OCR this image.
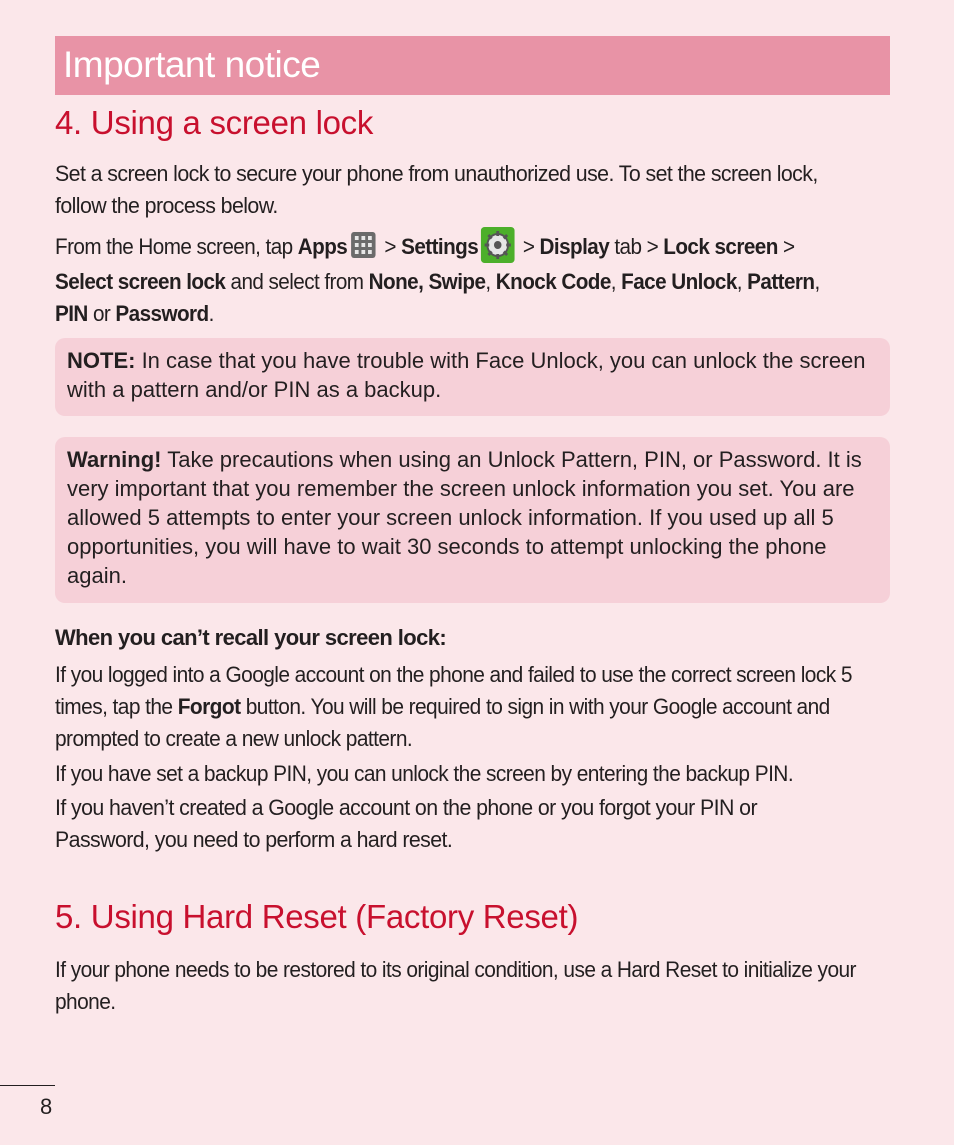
Important notice
4. Using a screen lock
Set a screen lock to secure your phone from unauthorized use. To set the screen lock, follow the process below.
From the Home screen, tap Apps > Settings > Display tab > Lock screen > Select screen lock and select from None, Swipe, Knock Code, Face Unlock, Pattern, PIN or Password.
NOTE: In case that you have trouble with Face Unlock, you can unlock the screen with a pattern and/or PIN as a backup.
Warning! Take precautions when using an Unlock Pattern, PIN, or Password. It is very important that you remember the screen unlock information you set. You are allowed 5 attempts to enter your screen unlock information. If you used up all 5 opportunities, you will have to wait 30 seconds to attempt unlocking the phone again.
When you can’t recall your screen lock:
If you logged into a Google account on the phone and failed to use the correct screen lock 5 times, tap the Forgot button. You will be required to sign in with your Google account and prompted to create a new unlock pattern.
If you have set a backup PIN, you can unlock the screen by entering the backup PIN.
If you haven’t created a Google account on the phone or you forgot your PIN or Password, you need to perform a hard reset.
5. Using Hard Reset (Factory Reset)
If your phone needs to be restored to its original condition, use a Hard Reset to initialize your phone.
8
